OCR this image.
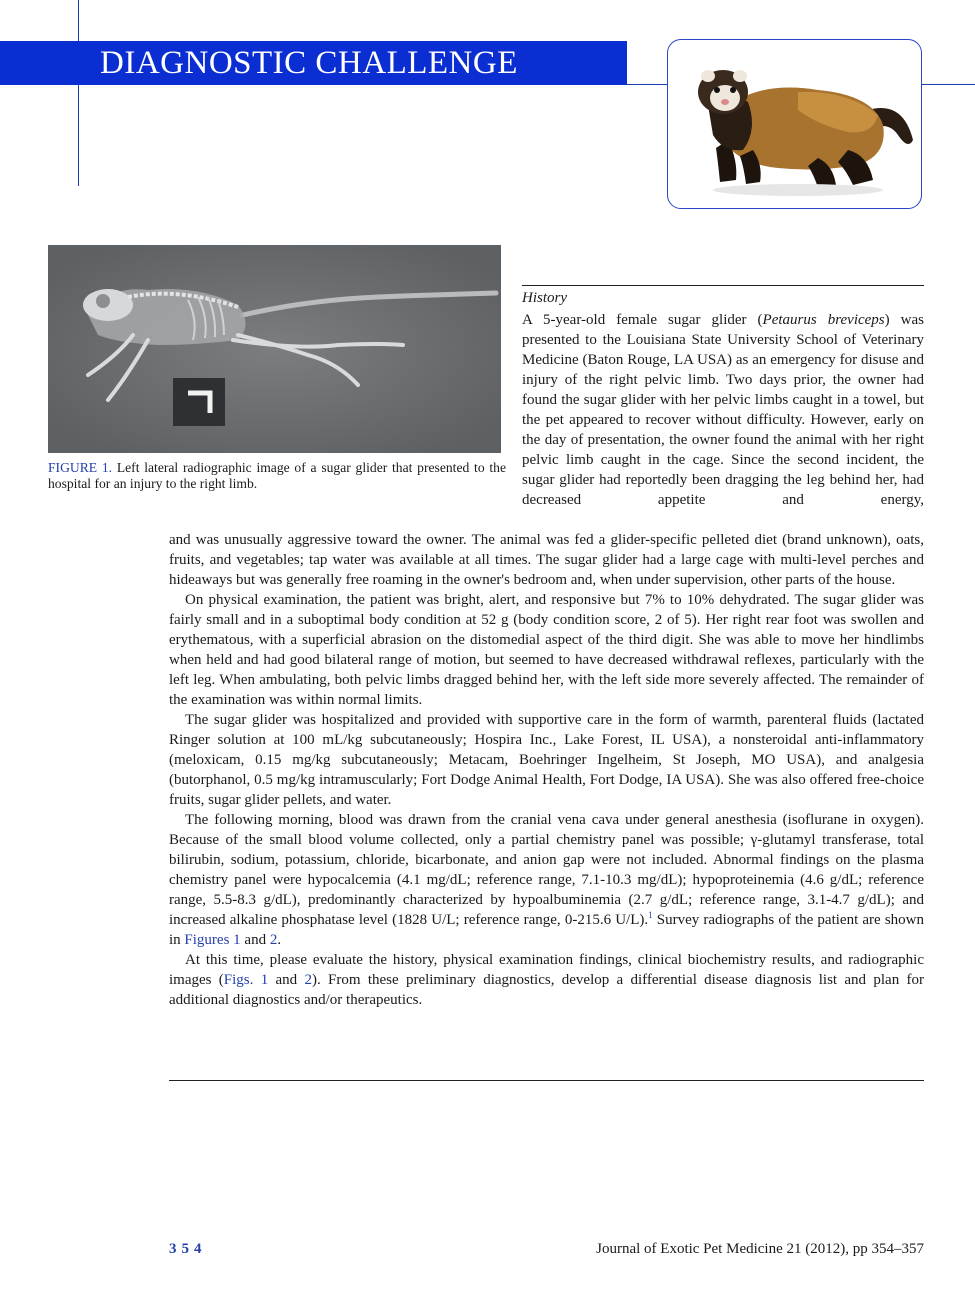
DIAGNOSTIC CHALLENGE
FIGURE 1. Left lateral radiographic image of a sugar glider that presented to the hospital for an injury to the right limb.
History

A 5-year-old female sugar glider (Petaurus breviceps) was presented to the Louisiana State University School of Veterinary Medicine (Baton Rouge, LA USA) as an emergency for disuse and injury of the right pelvic limb. Two days prior, the owner had found the sugar glider with her pelvic limbs caught in a towel, but the pet appeared to recover without difficulty. However, early on the day of presentation, the owner found the animal with her right pelvic limb caught in the cage. Since the second incident, the sugar glider had reportedly been dragging the leg behind her, had decreased appetite and energy,

and was unusually aggressive toward the owner. The animal was fed a glider-specific pelleted diet (brand unknown), oats, fruits, and vegetables; tap water was available at all times. The sugar glider had a large cage with multi-level perches and hideaways but was generally free roaming in the owner's bedroom and, when under supervision, other parts of the house.

On physical examination, the patient was bright, alert, and responsive but 7% to 10% dehydrated. The sugar glider was fairly small and in a suboptimal body condition at 52 g (body condition score, 2 of 5). Her right rear foot was swollen and erythematous, with a superficial abrasion on the distomedial aspect of the third digit. She was able to move her hindlimbs when held and had good bilateral range of motion, but seemed to have decreased withdrawal reflexes, particularly with the left leg. When ambulating, both pelvic limbs dragged behind her, with the left side more severely affected. The remainder of the examination was within normal limits.

The sugar glider was hospitalized and provided with supportive care in the form of warmth, parenteral fluids (lactated Ringer solution at 100 mL/kg subcutaneously; Hospira Inc., Lake Forest, IL USA), a nonsteroidal anti-inflammatory (meloxicam, 0.15 mg/kg subcutaneously; Metacam, Boehringer Ingelheim, St Joseph, MO USA), and analgesia (butorphanol, 0.5 mg/kg intramuscularly; Fort Dodge Animal Health, Fort Dodge, IA USA). She was also offered free-choice fruits, sugar glider pellets, and water.

The following morning, blood was drawn from the cranial vena cava under general anesthesia (isoflurane in oxygen). Because of the small blood volume collected, only a partial chemistry panel was possible; γ-glutamyl transferase, total bilirubin, sodium, potassium, chloride, bicarbonate, and anion gap were not included. Abnormal findings on the plasma chemistry panel were hypocalcemia (4.1 mg/dL; reference range, 7.1-10.3 mg/dL); hypoproteinemia (4.6 g/dL; reference range, 5.5-8.3 g/dL), predominantly characterized by hypoalbuminemia (2.7 g/dL; reference range, 3.1-4.7 g/dL); and increased alkaline phosphatase level (1828 U/L; reference range, 0-215.6 U/L).$^1$ Survey radiographs of the patient are shown in Figures 1 and 2.

At this time, please evaluate the history, physical examination findings, clinical biochemistry results, and radiographic images (Figs. 1 and 2). From these preliminary diagnostics, develop a differential disease diagnosis list and plan for additional diagnostics and/or therapeutics.

354	Journal of Exotic Pet Medicine 21 (2012), pp 354–357
